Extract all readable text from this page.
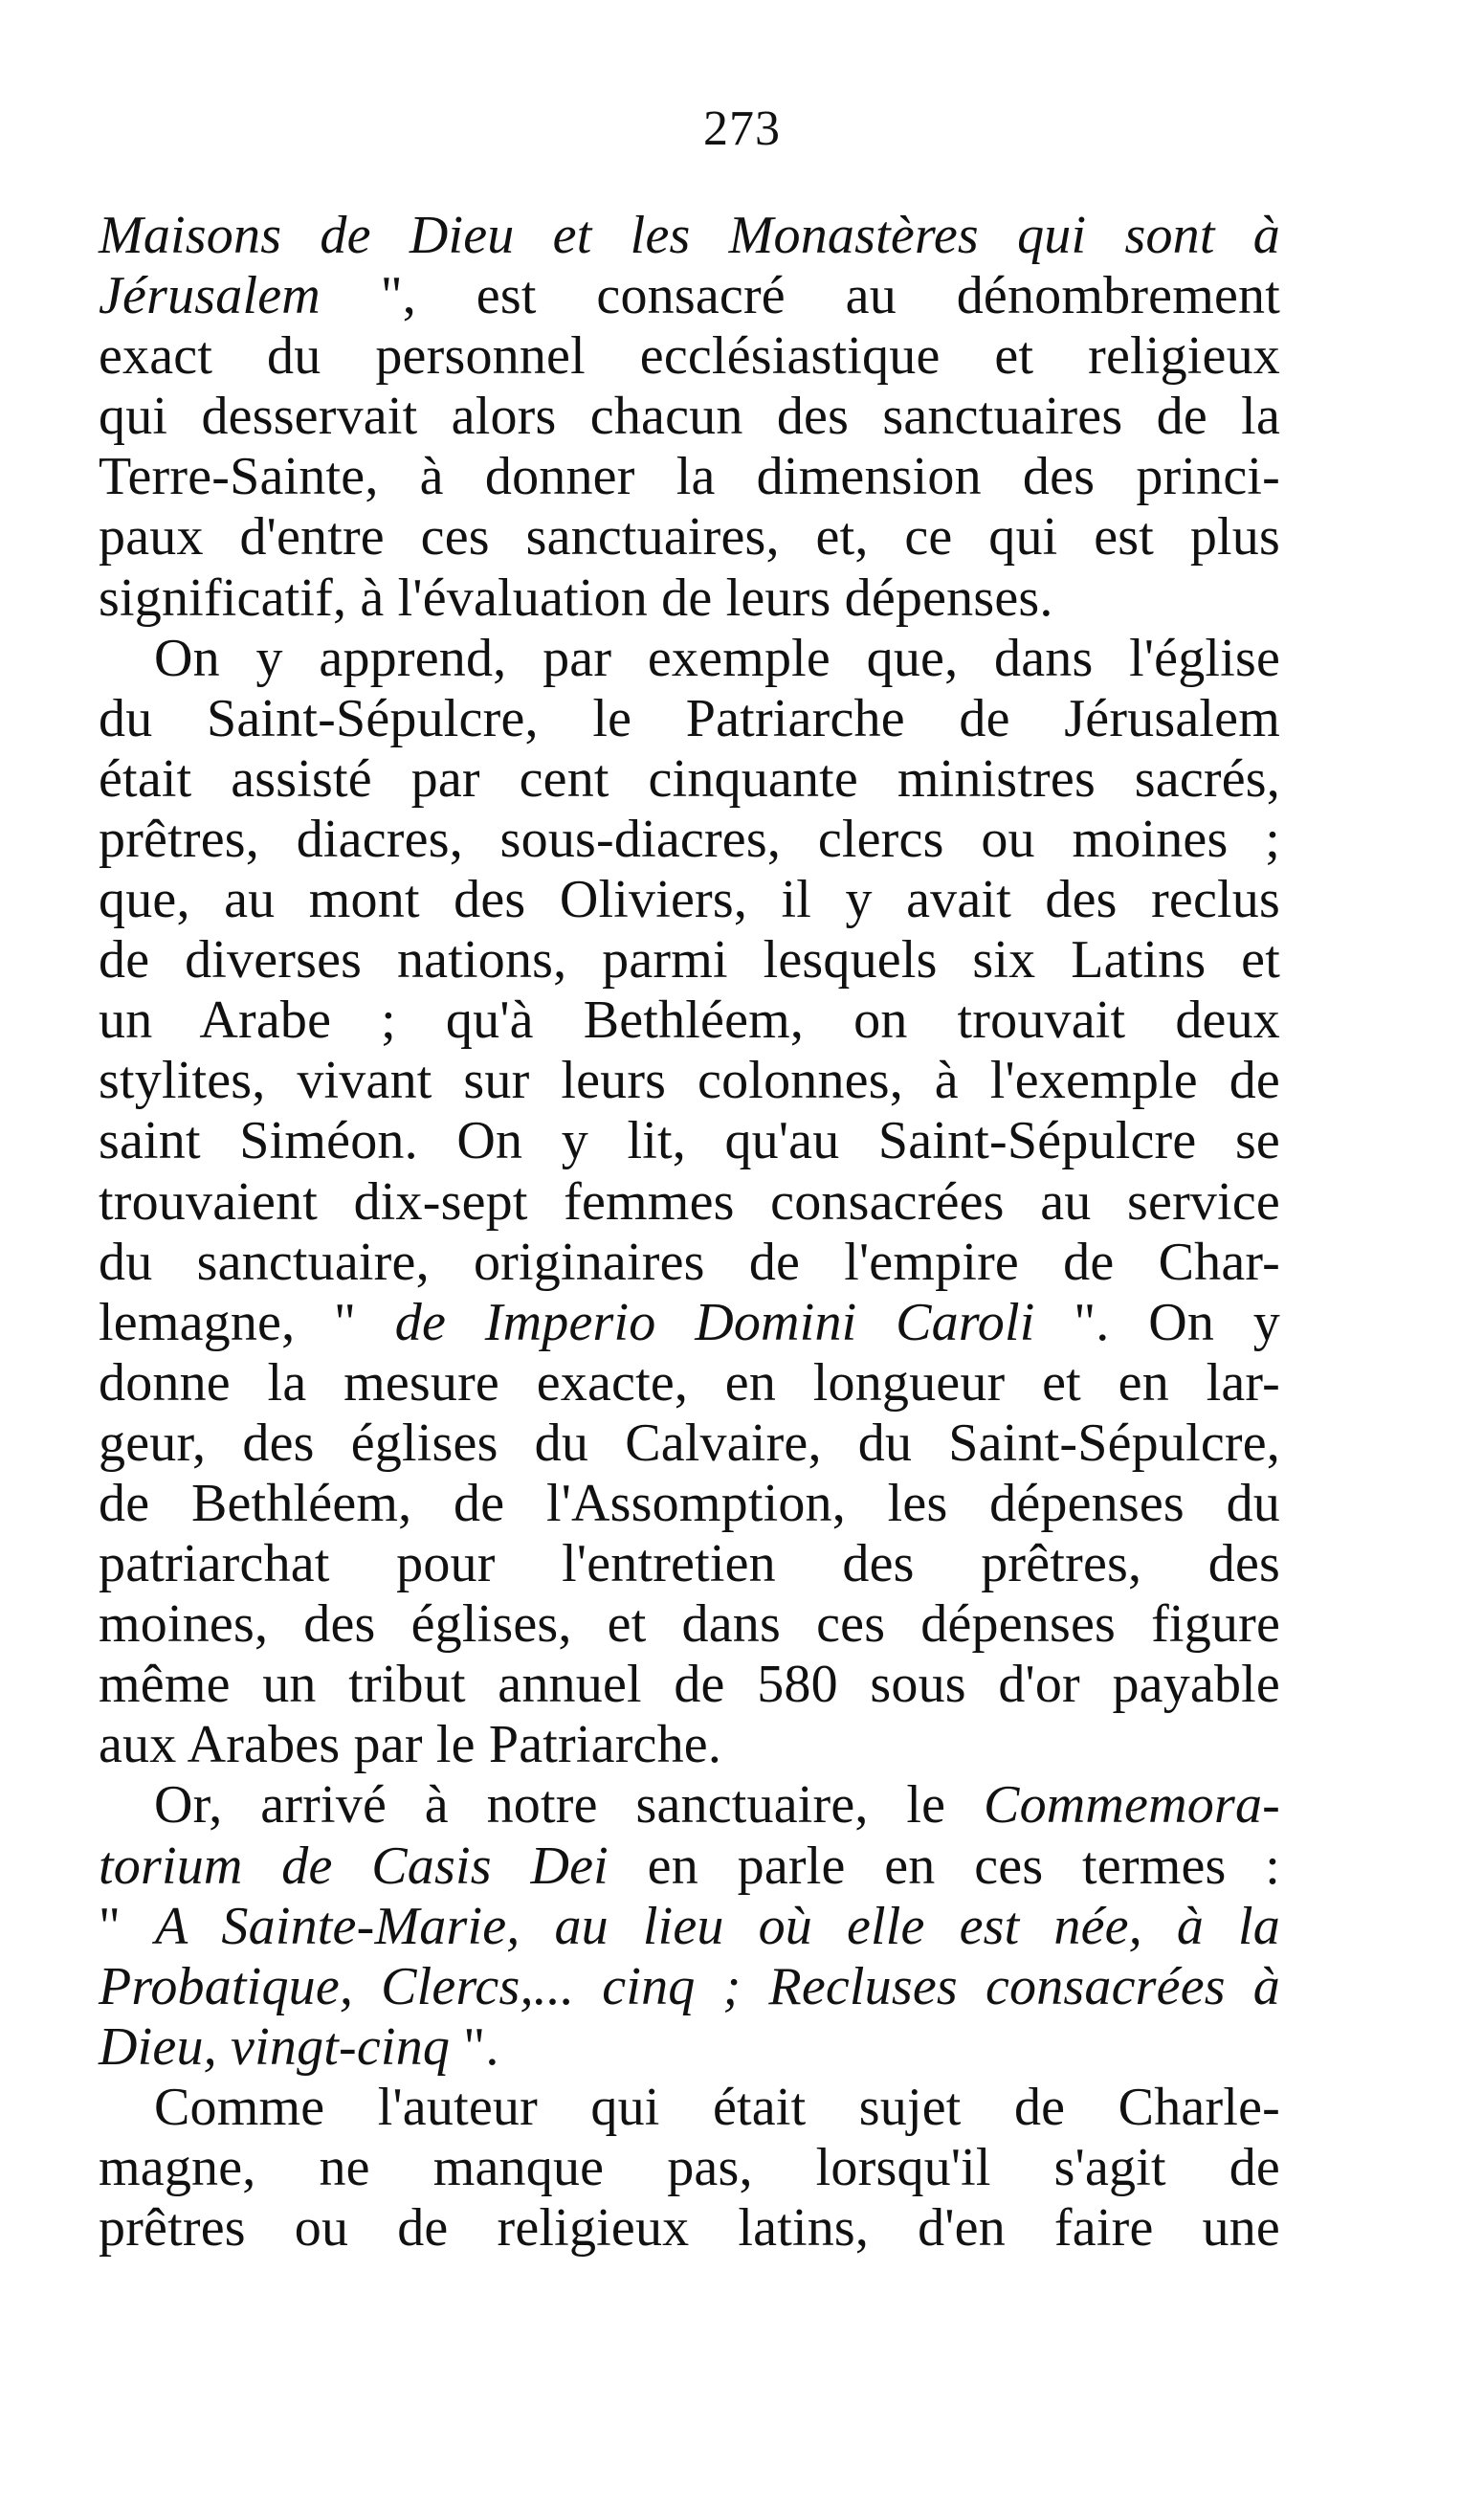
273
Maisons de Dieu et les Monastères qui sont à
Jérusalem ", est consacré au dénombrement
exact du personnel ecclésiastique et religieux
qui desservait alors chacun des sanctuaires de la
Terre-Sainte, à donner la dimension des princi-
paux d'entre ces sanctuaires, et, ce qui est plus
significatif, à l'évaluation de leurs dépenses.
On y apprend, par exemple que, dans l'église
du Saint-Sépulcre, le Patriarche de Jérusalem
était assisté par cent cinquante ministres sacrés,
prêtres, diacres, sous-diacres, clercs ou moines ;
que, au mont des Oliviers, il y avait des reclus
de diverses nations, parmi lesquels six Latins et
un Arabe ; qu'à Bethléem, on trouvait deux
stylites, vivant sur leurs colonnes, à l'exemple de
saint Siméon. On y lit, qu'au Saint-Sépulcre se
trouvaient dix-sept femmes consacrées au service
du sanctuaire, originaires de l'empire de Char-
lemagne, " de Imperio Domini Caroli ". On y
donne la mesure exacte, en longueur et en lar-
geur, des églises du Calvaire, du Saint-Sépulcre,
de Bethléem, de l'Assomption, les dépenses du
patriarchat pour l'entretien des prêtres, des
moines, des églises, et dans ces dépenses figure
même un tribut annuel de 580 sous d'or payable
aux Arabes par le Patriarche.
Or, arrivé à notre sanctuaire, le Commemora-
torium de Casis Dei en parle en ces termes :
" A Sainte-Marie, au lieu où elle est née, à la
Probatique, Clercs,... cinq ; Recluses consacrées à
Dieu, vingt-cinq ".
Comme l'auteur qui était sujet de Charle-
magne, ne manque pas, lorsqu'il s'agit de
prêtres ou de religieux latins, d'en faire une
